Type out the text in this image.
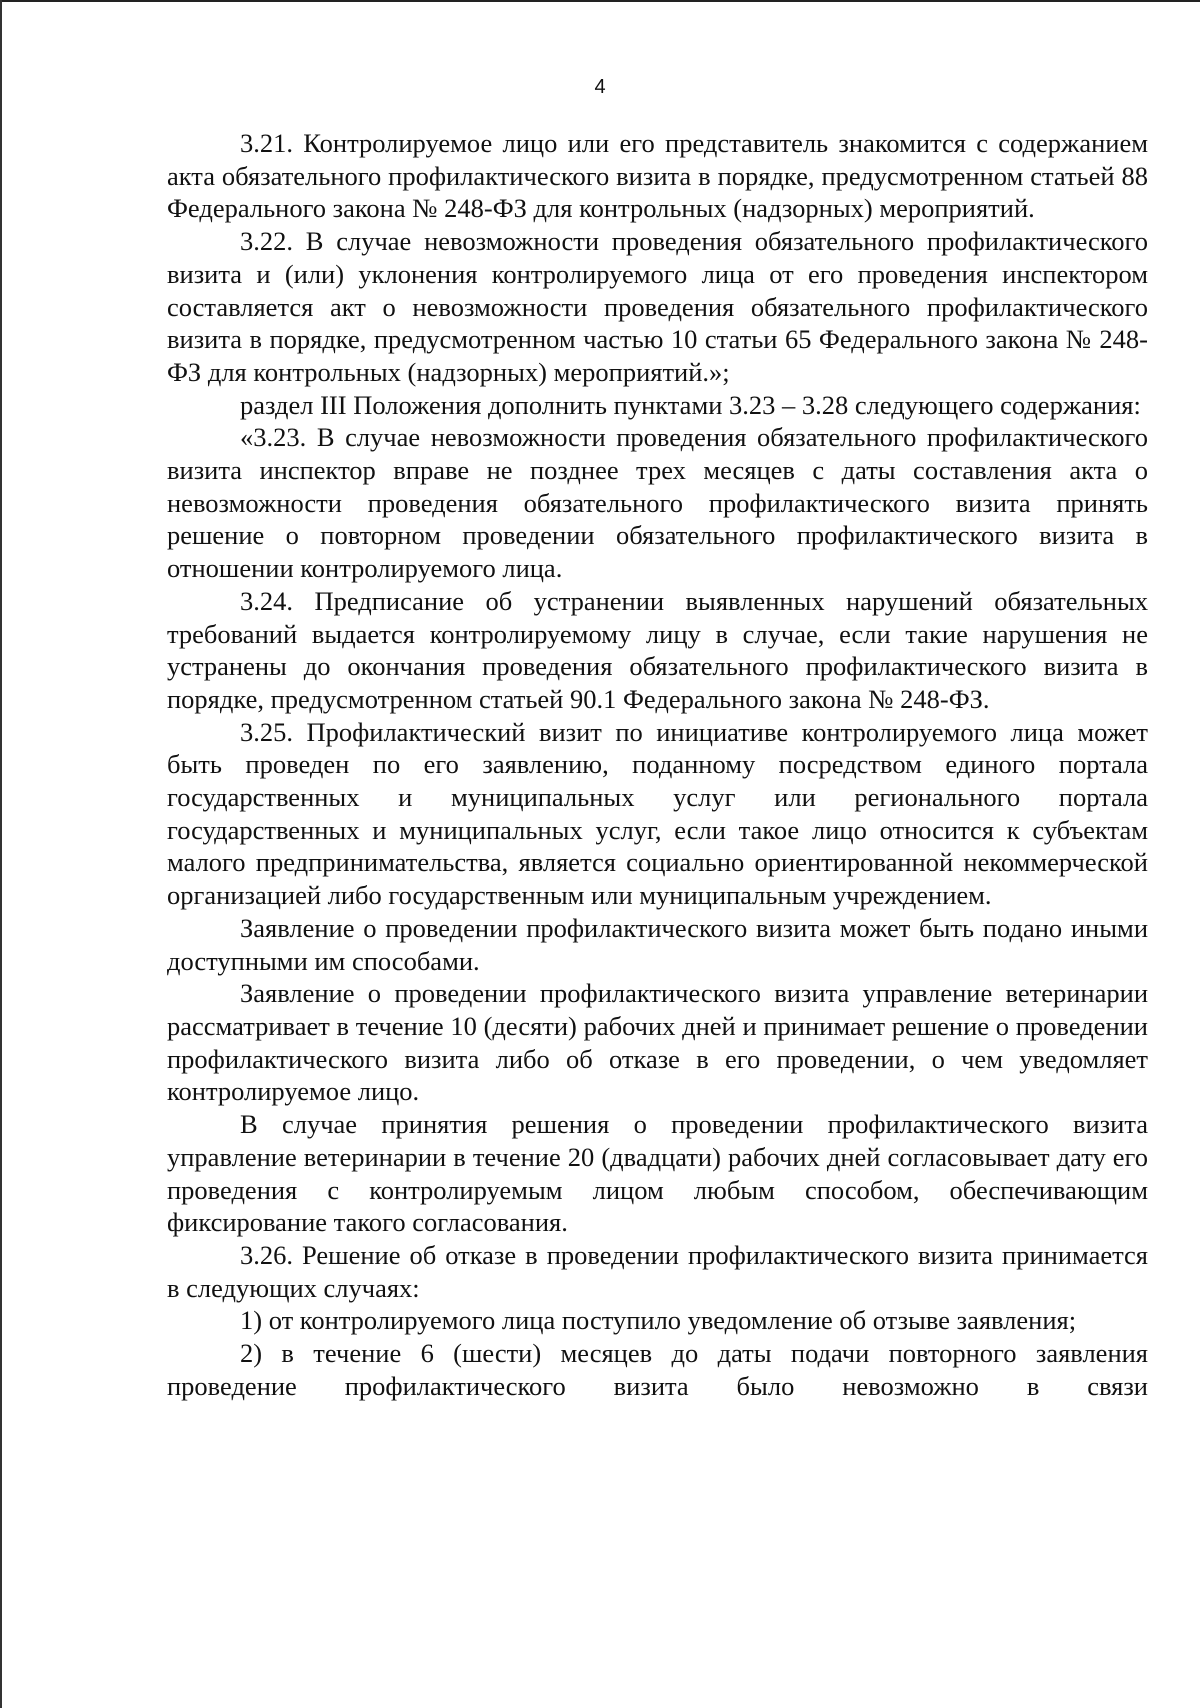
4

3.21. Контролируемое лицо или его представитель знакомится с содержанием акта обязательного профилактического визита в порядке, предусмотренном статьей 88 Федерального закона № 248-ФЗ для контрольных (надзорных) мероприятий.

3.22. В случае невозможности проведения обязательного профилактического визита и (или) уклонения контролируемого лица от его проведения инспектором составляется акт о невозможности проведения обязательного профилактического визита в порядке, предусмотренном частью 10 статьи 65 Федерального закона № 248-ФЗ для контрольных (надзорных) мероприятий.»;

раздел III Положения дополнить пунктами 3.23 – 3.28 следующего содержания:

«3.23. В случае невозможности проведения обязательного профилактического визита инспектор вправе не позднее трех месяцев с даты составления акта о невозможности проведения обязательного профилактического визита принять решение о повторном проведении обязательного профилактического визита в отношении контролируемого лица.

3.24. Предписание об устранении выявленных нарушений обязательных требований выдается контролируемому лицу в случае, если такие нарушения не устранены до окончания проведения обязательного профилактического визита в порядке, предусмотренном статьей 90.1 Федерального закона № 248-ФЗ.

3.25. Профилактический визит по инициативе контролируемого лица может быть проведен по его заявлению, поданному посредством единого портала государственных и муниципальных услуг или регионального портала государственных и муниципальных услуг, если такое лицо относится к субъектам малого предпринимательства, является социально ориентированной некоммерческой организацией либо государственным или муниципальным учреждением.

Заявление о проведении профилактического визита может быть подано иными доступными им способами.

Заявление о проведении профилактического визита управление ветеринарии рассматривает в течение 10 (десяти) рабочих дней и принимает решение о проведении профилактического визита либо об отказе в его проведении, о чем уведомляет контролируемое лицо.

В случае принятия решения о проведении профилактического визита управление ветеринарии в течение 20 (двадцати) рабочих дней согласовывает дату его проведения с контролируемым лицом любым способом, обеспечивающим фиксирование такого согласования.

3.26. Решение об отказе в проведении профилактического визита принимается в следующих случаях:

1) от контролируемого лица поступило уведомление об отзыве заявления;

2) в течение 6 (шести) месяцев до даты подачи повторного заявления проведение профилактического визита было невозможно в связи
